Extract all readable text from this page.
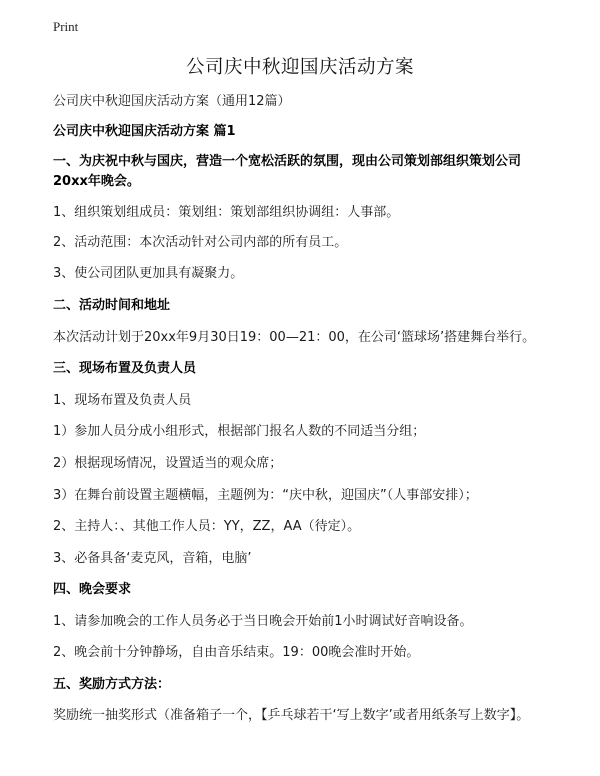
Print
公司庆中秋迎国庆活动方案

公司庆中秋迎国庆活动方案（通用12篇）

公司庆中秋迎国庆活动方案 篇1

一、为庆祝中秋与国庆，营造一个宽松活跃的氛围，现由公司策划部组织策划公司20xx年晚会。

1、组织策划组成员：策划组：策划部组织协调组：人事部。

2、活动范围：本次活动针对公司内部的所有员工。

3、使公司团队更加具有凝聚力。

二、活动时间和地址

本次活动计划于20xx年9月30日19：00—21：00，在公司‘篮球场’搭建舞台举行。

三、现场布置及负责人员

1、现场布置及负责人员

1）参加人员分成小组形式，根据部门报名人数的不同适当分组；

2）根据现场情况，设置适当的观众席；

3）在舞台前设置主题横幅，主题例为：“庆中秋，迎国庆”（人事部安排）；

2、主持人：、其他工作人员：YY，ZZ，AA（待定）。

3、必备具备‘麦克风，音箱，电脑’

四、晚会要求

1、请参加晚会的工作人员务必于当日晚会开始前1小时调试好音响设备。

2、晚会前十分钟静场，自由音乐结束。19：00晚会准时开始。

五、奖励方式方法：

奖励统一抽奖形式（准备箱子一个，【乒乓球若干‘写上数字’或者用纸条写上数字】。
